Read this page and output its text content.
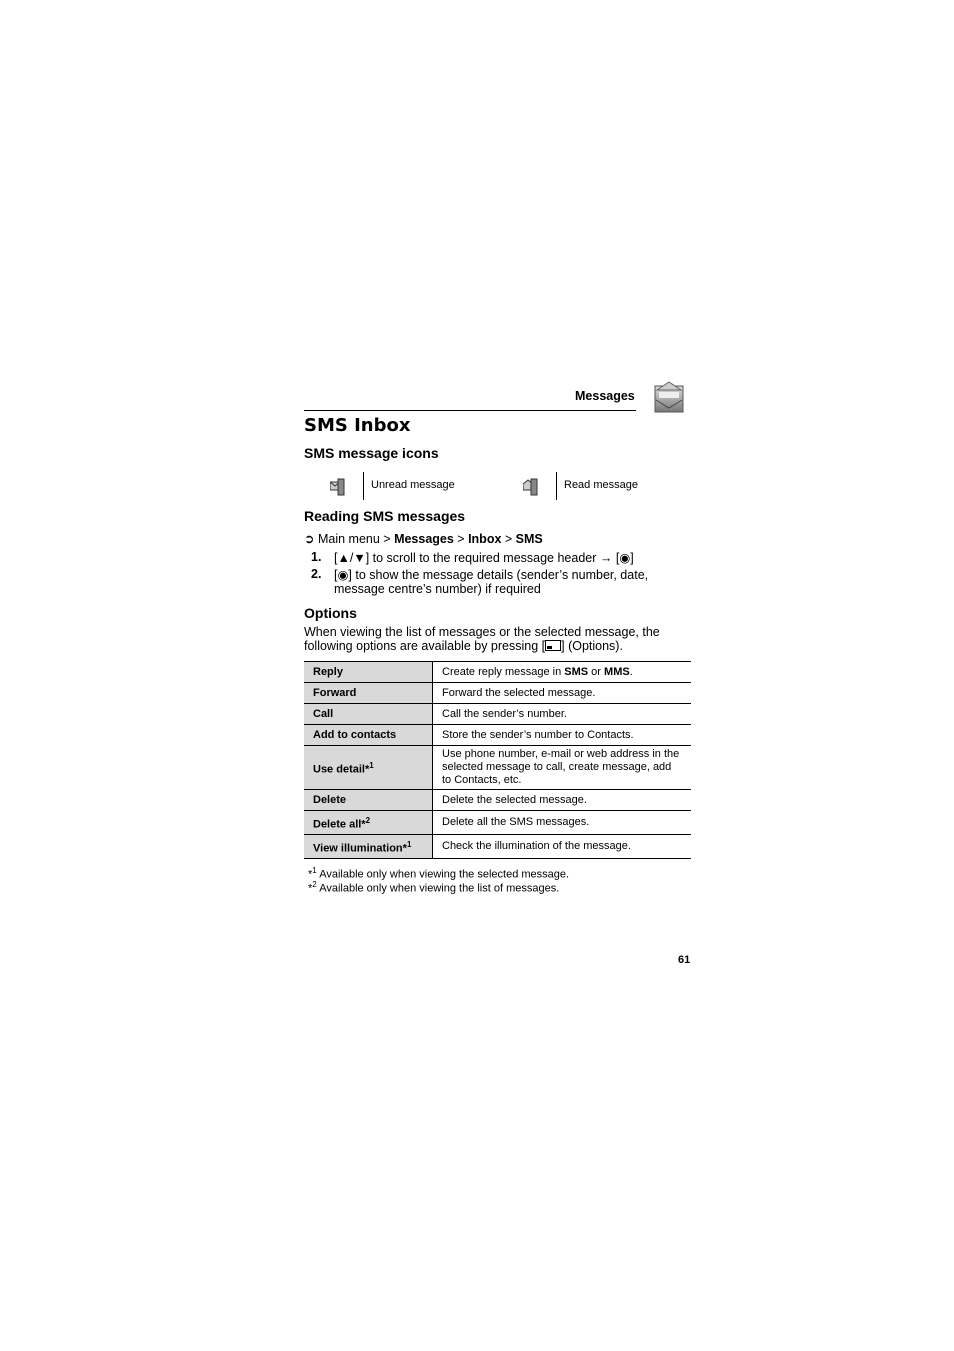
Messages
SMS Inbox
SMS message icons
Unread message	Read message
Reading SMS messages
➲ Main menu > Messages > Inbox > SMS
1. [▲/▼] to scroll to the required message header → [◉]
2. [◉] to show the message details (sender’s number, date,
message centre’s number) if required
Options
When viewing the list of messages or the selected message, the
following options are available by pressing [ ] (Options).
Reply	Create reply message in SMS or MMS.
Forward	Forward the selected message.
Call	Call the sender’s number.
Add to contacts	Store the sender’s number to Contacts.
Use detail*$^1$	Use phone number, e-mail or web address in the selected message to call, create message, add to Contacts, etc.
Delete	Delete the selected message.
Delete all*$^2$	Delete all the SMS messages.
View illumination*$^1$	Check the illumination of the message.
*$^1$ Available only when viewing the selected message.
*$^2$ Available only when viewing the list of messages.
61
